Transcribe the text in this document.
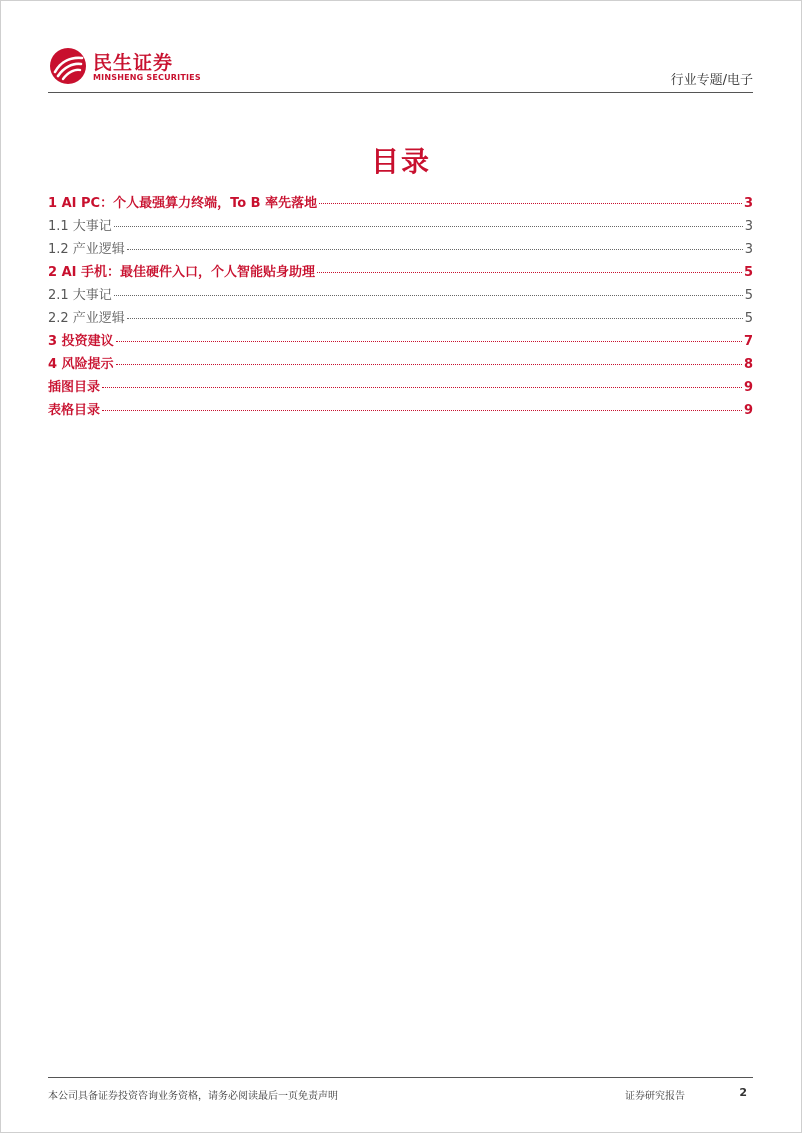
民生证券
MINSHENG SECURITIES	行业专题/电子
目录
1 AI PC：个人最强算力终端，To B 率先落地	3
1.1 大事记	3
1.2 产业逻辑	3
2 AI 手机：最佳硬件入口，个人智能贴身助理	5
2.1 大事记	5
2.2 产业逻辑	5
3 投资建议	7
4 风险提示	8
插图目录	9
表格目录	9
本公司具备证券投资咨询业务资格，请务必阅读最后一页免责声明	证券研究报告	2
